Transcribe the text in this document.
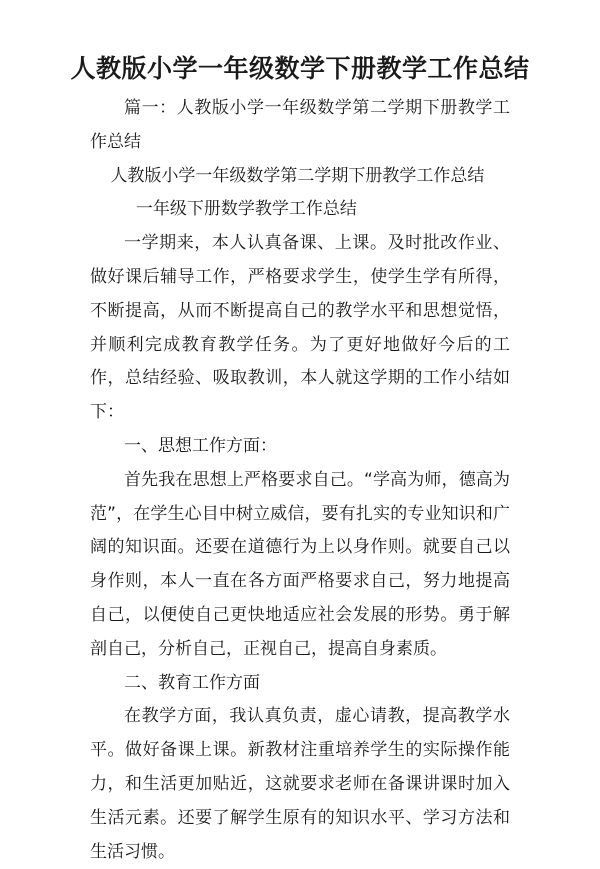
人教版小学一年级数学下册教学工作总结

篇一：人教版小学一年级数学第二学期下册教学工作总结

人教版小学一年级数学第二学期下册教学工作总结

一年级下册数学教学工作总结

一学期来，本人认真备课、上课。及时批改作业、做好课后辅导工作，严格要求学生，使学生学有所得，不断提高，从而不断提高自己的教学水平和思想觉悟，并顺利完成教育教学任务。为了更好地做好今后的工作，总结经验、吸取教训，本人就这学期的工作小结如下：

一、思想工作方面：

首先我在思想上严格要求自己。“学高为师，德高为范”，在学生心目中树立威信，要有扎实的专业知识和广阔的知识面。还要在道德行为上以身作则。就要自己以身作则，本人一直在各方面严格要求自己，努力地提高自己，以便使自己更快地适应社会发展的形势。勇于解剖自己，分析自己，正视自己，提高自身素质。

二、教育工作方面

在教学方面，我认真负责，虚心请教，提高教学水平。做好备课上课。新教材注重培养学生的实际操作能力，和生活更加贴近，这就要求老师在备课讲课时加入生活元素。还要了解学生原有的知识水平、学习方法和生活习惯。
